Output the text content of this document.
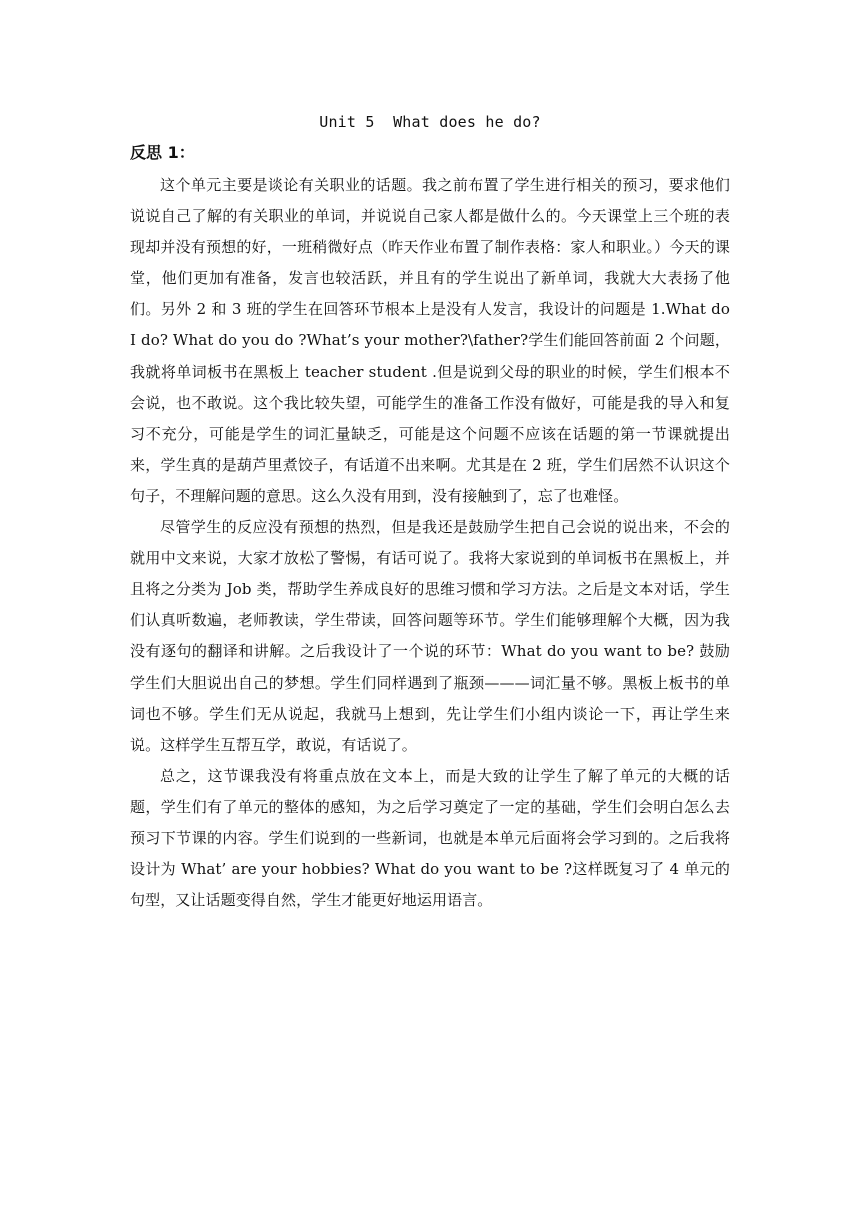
Unit 5  What does he do?

反思 1：

这个单元主要是谈论有关职业的话题。我之前布置了学生进行相关的预习，要求他们说说自己了解的有关职业的单词，并说说自己家人都是做什么的。今天课堂上三个班的表现却并没有预想的好，一班稍微好点（昨天作业布置了制作表格：家人和职业。）今天的课堂，他们更加有准备，发言也较活跃，并且有的学生说出了新单词，我就大大表扬了他们。另外 2 和 3 班的学生在回答环节根本上是没有人发言，我设计的问题是 1.What do I do? What do you do ?What’s your mother?\father?学生们能回答前面 2 个问题，我就将单词板书在黑板上 teacher student .但是说到父母的职业的时候，学生们根本不会说，也不敢说。这个我比较失望，可能学生的准备工作没有做好，可能是我的导入和复习不充分，可能是学生的词汇量缺乏，可能是这个问题不应该在话题的第一节课就提出来，学生真的是葫芦里煮饺子，有话道不出来啊。尤其是在 2 班，学生们居然不认识这个句子，不理解问题的意思。这么久没有用到，没有接触到了，忘了也难怪。

尽管学生的反应没有预想的热烈，但是我还是鼓励学生把自己会说的说出来，不会的就用中文来说，大家才放松了警惕，有话可说了。我将大家说到的单词板书在黑板上，并且将之分类为 Job 类，帮助学生养成良好的思维习惯和学习方法。之后是文本对话，学生们认真听数遍，老师教读，学生带读，回答问题等环节。学生们能够理解个大概，因为我没有逐句的翻译和讲解。之后我设计了一个说的环节：What do you want to be? 鼓励学生们大胆说出自己的梦想。学生们同样遇到了瓶颈———词汇量不够。黑板上板书的单词也不够。学生们无从说起，我就马上想到，先让学生们小组内谈论一下，再让学生来说。这样学生互帮互学，敢说，有话说了。

总之，这节课我没有将重点放在文本上，而是大致的让学生了解了单元的大概的话题，学生们有了单元的整体的感知，为之后学习奠定了一定的基础，学生们会明白怎么去预习下节课的内容。学生们说到的一些新词，也就是本单元后面将会学习到的。之后我将设计为 What’ are your hobbies? What do you want to be ?这样既复习了 4 单元的句型，又让话题变得自然，学生才能更好地运用语言。
